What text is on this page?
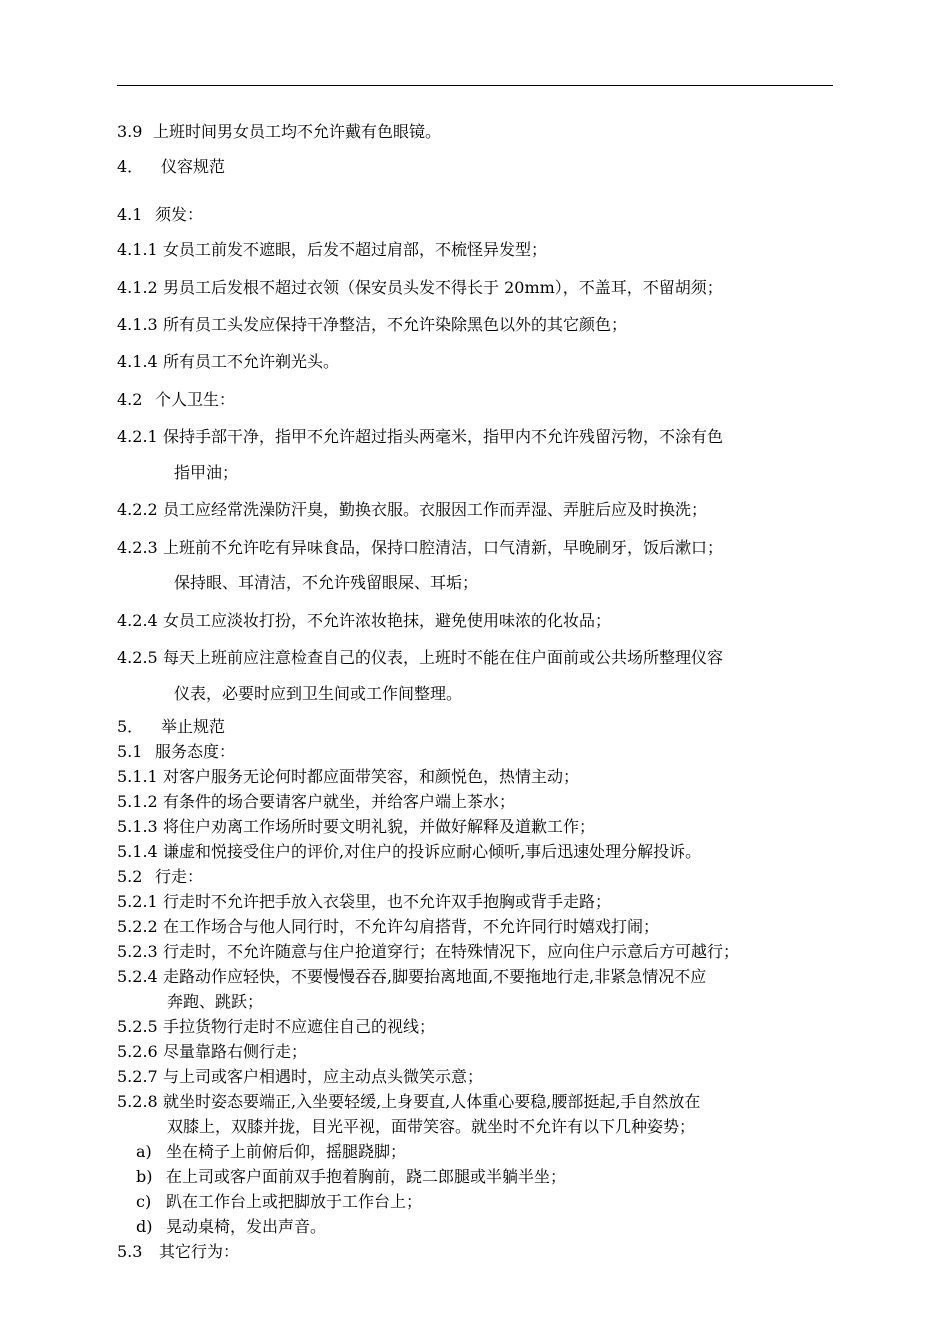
3.9 上班时间男女员工均不允许戴有色眼镜。
4． 仪容规范
4.1 须发：
4.1.1 女员工前发不遮眼，后发不超过肩部，不梳怪异发型；
4.1.2 男员工后发根不超过衣领（保安员头发不得长于 20mm），不盖耳，不留胡须；
4.1.3 所有员工头发应保持干净整洁，不允许染除黑色以外的其它颜色；
4.1.4 所有员工不允许剃光头。
4.2 个人卫生：
4.2.1 保持手部干净，指甲不允许超过指头两毫米，指甲内不允许残留污物，不涂有色
指甲油；
4.2.2 员工应经常洗澡防汗臭，勤换衣服。衣服因工作而弄湿、弄脏后应及时换洗；
4.2.3 上班前不允许吃有异味食品，保持口腔清洁，口气清新，早晚刷牙，饭后漱口；
保持眼、耳清洁，不允许残留眼屎、耳垢；
4.2.4 女员工应淡妆打扮，不允许浓妆艳抹，避免使用味浓的化妆品；
4.2.5 每天上班前应注意检查自己的仪表，上班时不能在住户面前或公共场所整理仪容
仪表，必要时应到卫生间或工作间整理。
5． 举止规范
5.1 服务态度：
5.1.1 对客户服务无论何时都应面带笑容，和颜悦色，热情主动；
5.1.2 有条件的场合要请客户就坐，并给客户端上茶水；
5.1.3 将住户劝离工作场所时要文明礼貌，并做好解释及道歉工作；
5.1.4 谦虚和悦接受住户的评价,对住户的投诉应耐心倾听,事后迅速处理分解投诉。
5.2 行走：
5.2.1 行走时不允许把手放入衣袋里，也不允许双手抱胸或背手走路；
5.2.2 在工作场合与他人同行时，不允许勾肩搭背，不允许同行时嬉戏打闹；
5.2.3 行走时，不允许随意与住户抢道穿行；在特殊情况下，应向住户示意后方可越行；
5.2.4 走路动作应轻快，不要慢慢吞吞,脚要抬离地面,不要拖地行走,非紧急情况不应
奔跑、跳跃；
5.2.5 手拉货物行走时不应遮住自己的视线；
5.2.6 尽量靠路右侧行走；
5.2.7 与上司或客户相遇时，应主动点头微笑示意；
5.2.8 就坐时姿态要端正,入坐要轻缓,上身要直,人体重心要稳,腰部挺起,手自然放在
双膝上，双膝并拢，目光平视，面带笑容。就坐时不允许有以下几种姿势；
a) 坐在椅子上前俯后仰，摇腿跷脚；
b) 在上司或客户面前双手抱着胸前，跷二郎腿或半躺半坐；
c) 趴在工作台上或把脚放于工作台上；
d) 晃动桌椅，发出声音。
5.3 其它行为：
